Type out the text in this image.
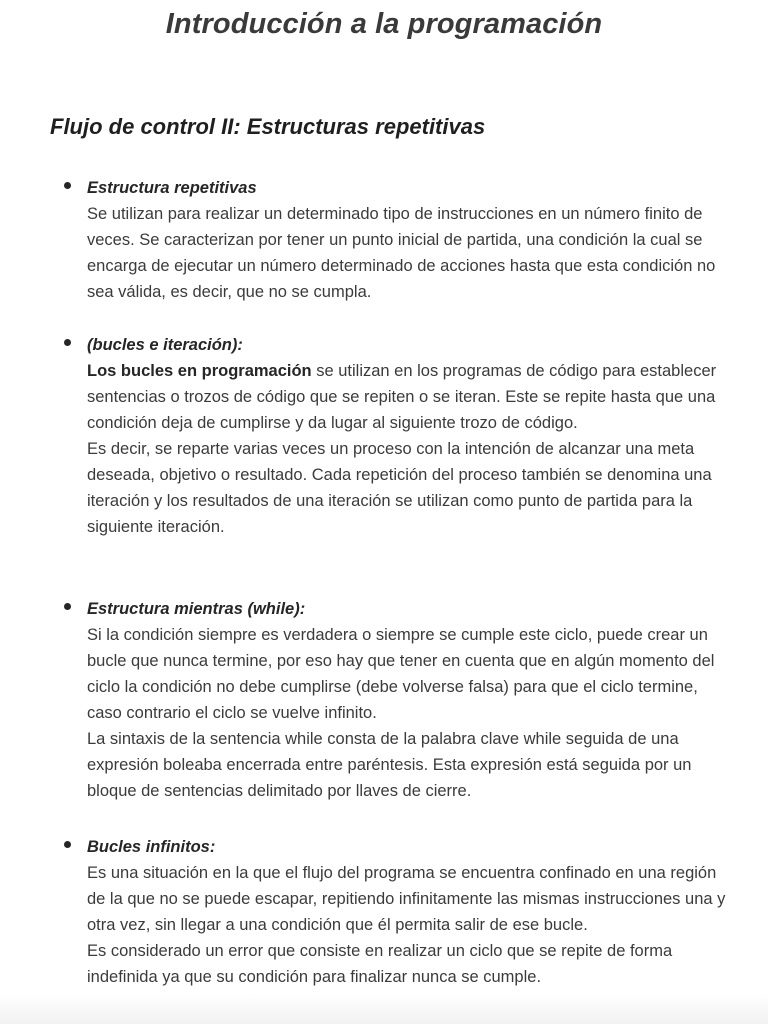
Introducción a la programación
Flujo de control II: Estructuras repetitivas
Estructura repetitivas
Se utilizan para realizar un determinado tipo de instrucciones en un número finito de veces. Se caracterizan por tener un punto inicial de partida, una condición la cual se encarga de ejecutar un número determinado de acciones hasta que esta condición no sea válida, es decir, que no se cumpla.
(bucles e iteración):
Los bucles en programación se utilizan en los programas de código para establecer sentencias o trozos de código que se repiten o se iteran. Este se repite hasta que una condición deja de cumplirse y da lugar al siguiente trozo de código.
Es decir, se reparte varias veces un proceso con la intención de alcanzar una meta deseada, objetivo o resultado. Cada repetición del proceso también se denomina una iteración y los resultados de una iteración se utilizan como punto de partida para la siguiente iteración.
Estructura mientras (while):
Si la condición siempre es verdadera o siempre se cumple este ciclo, puede crear un bucle que nunca termine, por eso hay que tener en cuenta que en algún momento del ciclo la condición no debe cumplirse (debe volverse falsa) para que el ciclo termine, caso contrario el ciclo se vuelve infinito.
La sintaxis de la sentencia while consta de la palabra clave while seguida de una expresión boleaba encerrada entre paréntesis. Esta expresión está seguida por un bloque de sentencias delimitado por llaves de cierre.
Bucles infinitos:
Es una situación en la que el flujo del programa se encuentra confinado en una región de la que no se puede escapar, repitiendo infinitamente las mismas instrucciones una y otra vez, sin llegar a una condición que él permita salir de ese bucle.
Es considerado un error que consiste en realizar un ciclo que se repite de forma indefinida ya que su condición para finalizar nunca se cumple.
